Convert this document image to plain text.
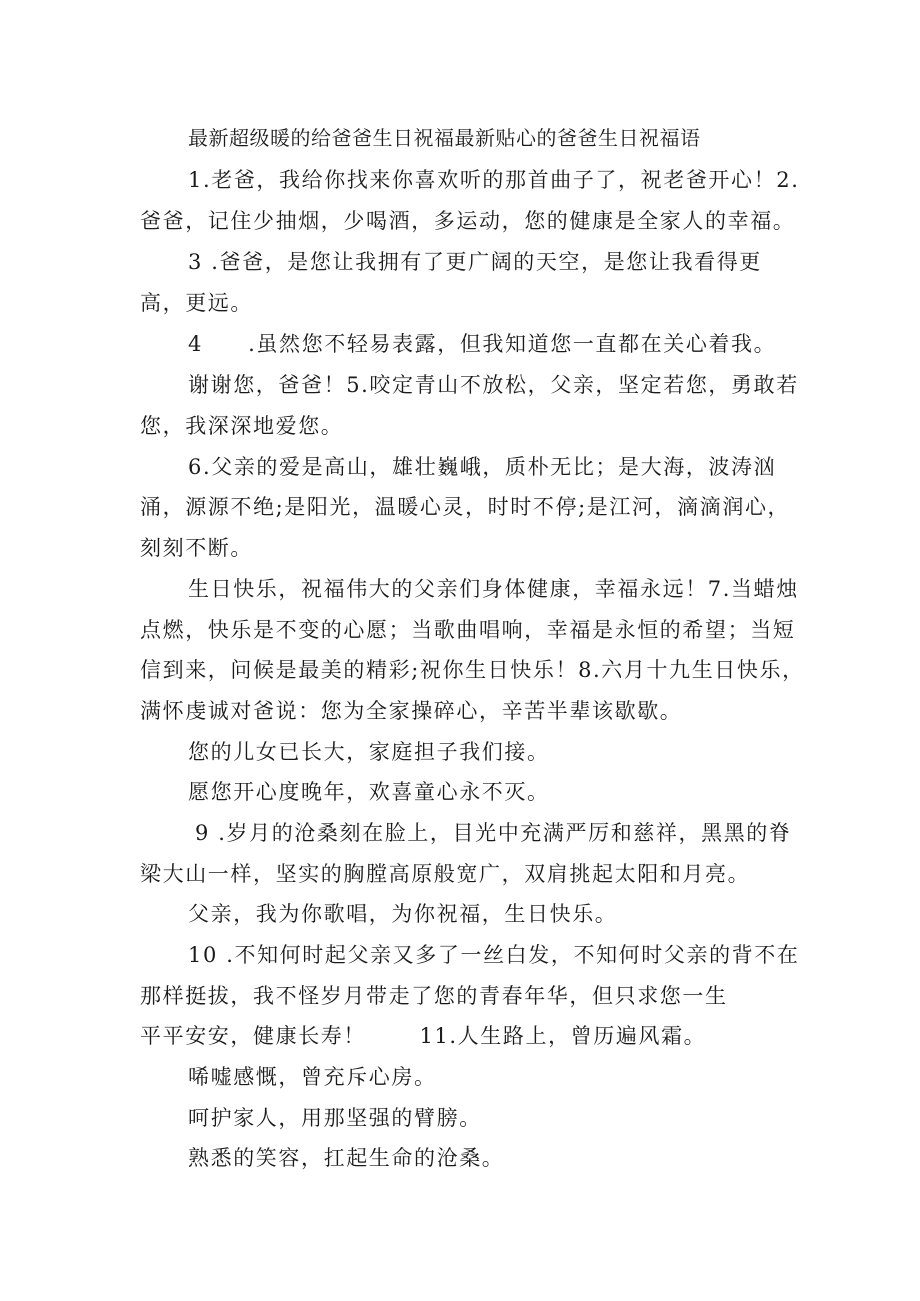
最新超级暖的给爸爸生日祝福最新贴心的爸爸生日祝福语
1.老爸，我给你找来你喜欢听的那首曲子了，祝老爸开心！2.
爸爸，记住少抽烟，少喝酒，多运动，您的健康是全家人的幸福。
3 .爸爸，是您让我拥有了更广阔的天空，是您让我看得更
高，更远。
4　　.虽然您不轻易表露，但我知道您一直都在关心着我。
谢谢您，爸爸！5.咬定青山不放松，父亲，坚定若您，勇敢若
您，我深深地爱您。
6.父亲的爱是高山，雄壮巍峨，质朴无比；是大海，波涛汹
涌，源源不绝;是阳光，温暖心灵，时时不停;是江河，滴滴润心，
刻刻不断。
生日快乐，祝福伟大的父亲们身体健康，幸福永远！7.当蜡烛
点燃，快乐是不变的心愿；当歌曲唱响，幸福是永恒的希望；当短
信到来，问候是最美的精彩;祝你生日快乐！8.六月十九生日快乐，
满怀虔诚对爸说：您为全家操碎心，辛苦半辈该歇歇。
您的儿女已长大，家庭担子我们接。
愿您开心度晚年，欢喜童心永不灭。
9 .岁月的沧桑刻在脸上，目光中充满严厉和慈祥，黑黑的脊
梁大山一样，坚实的胸膛高原般宽广，双肩挑起太阳和月亮。
父亲，我为你歌唱，为你祝福，生日快乐。
10 .不知何时起父亲又多了一丝白发，不知何时父亲的背不在
那样挺拔，我不怪岁月带走了您的青春年华，但只求您一生
平平安安，健康长寿！　　 11.人生路上，曾历遍风霜。
唏嘘感慨，曾充斥心房。
呵护家人，用那坚强的臂膀。
熟悉的笑容，扛起生命的沧桑。
